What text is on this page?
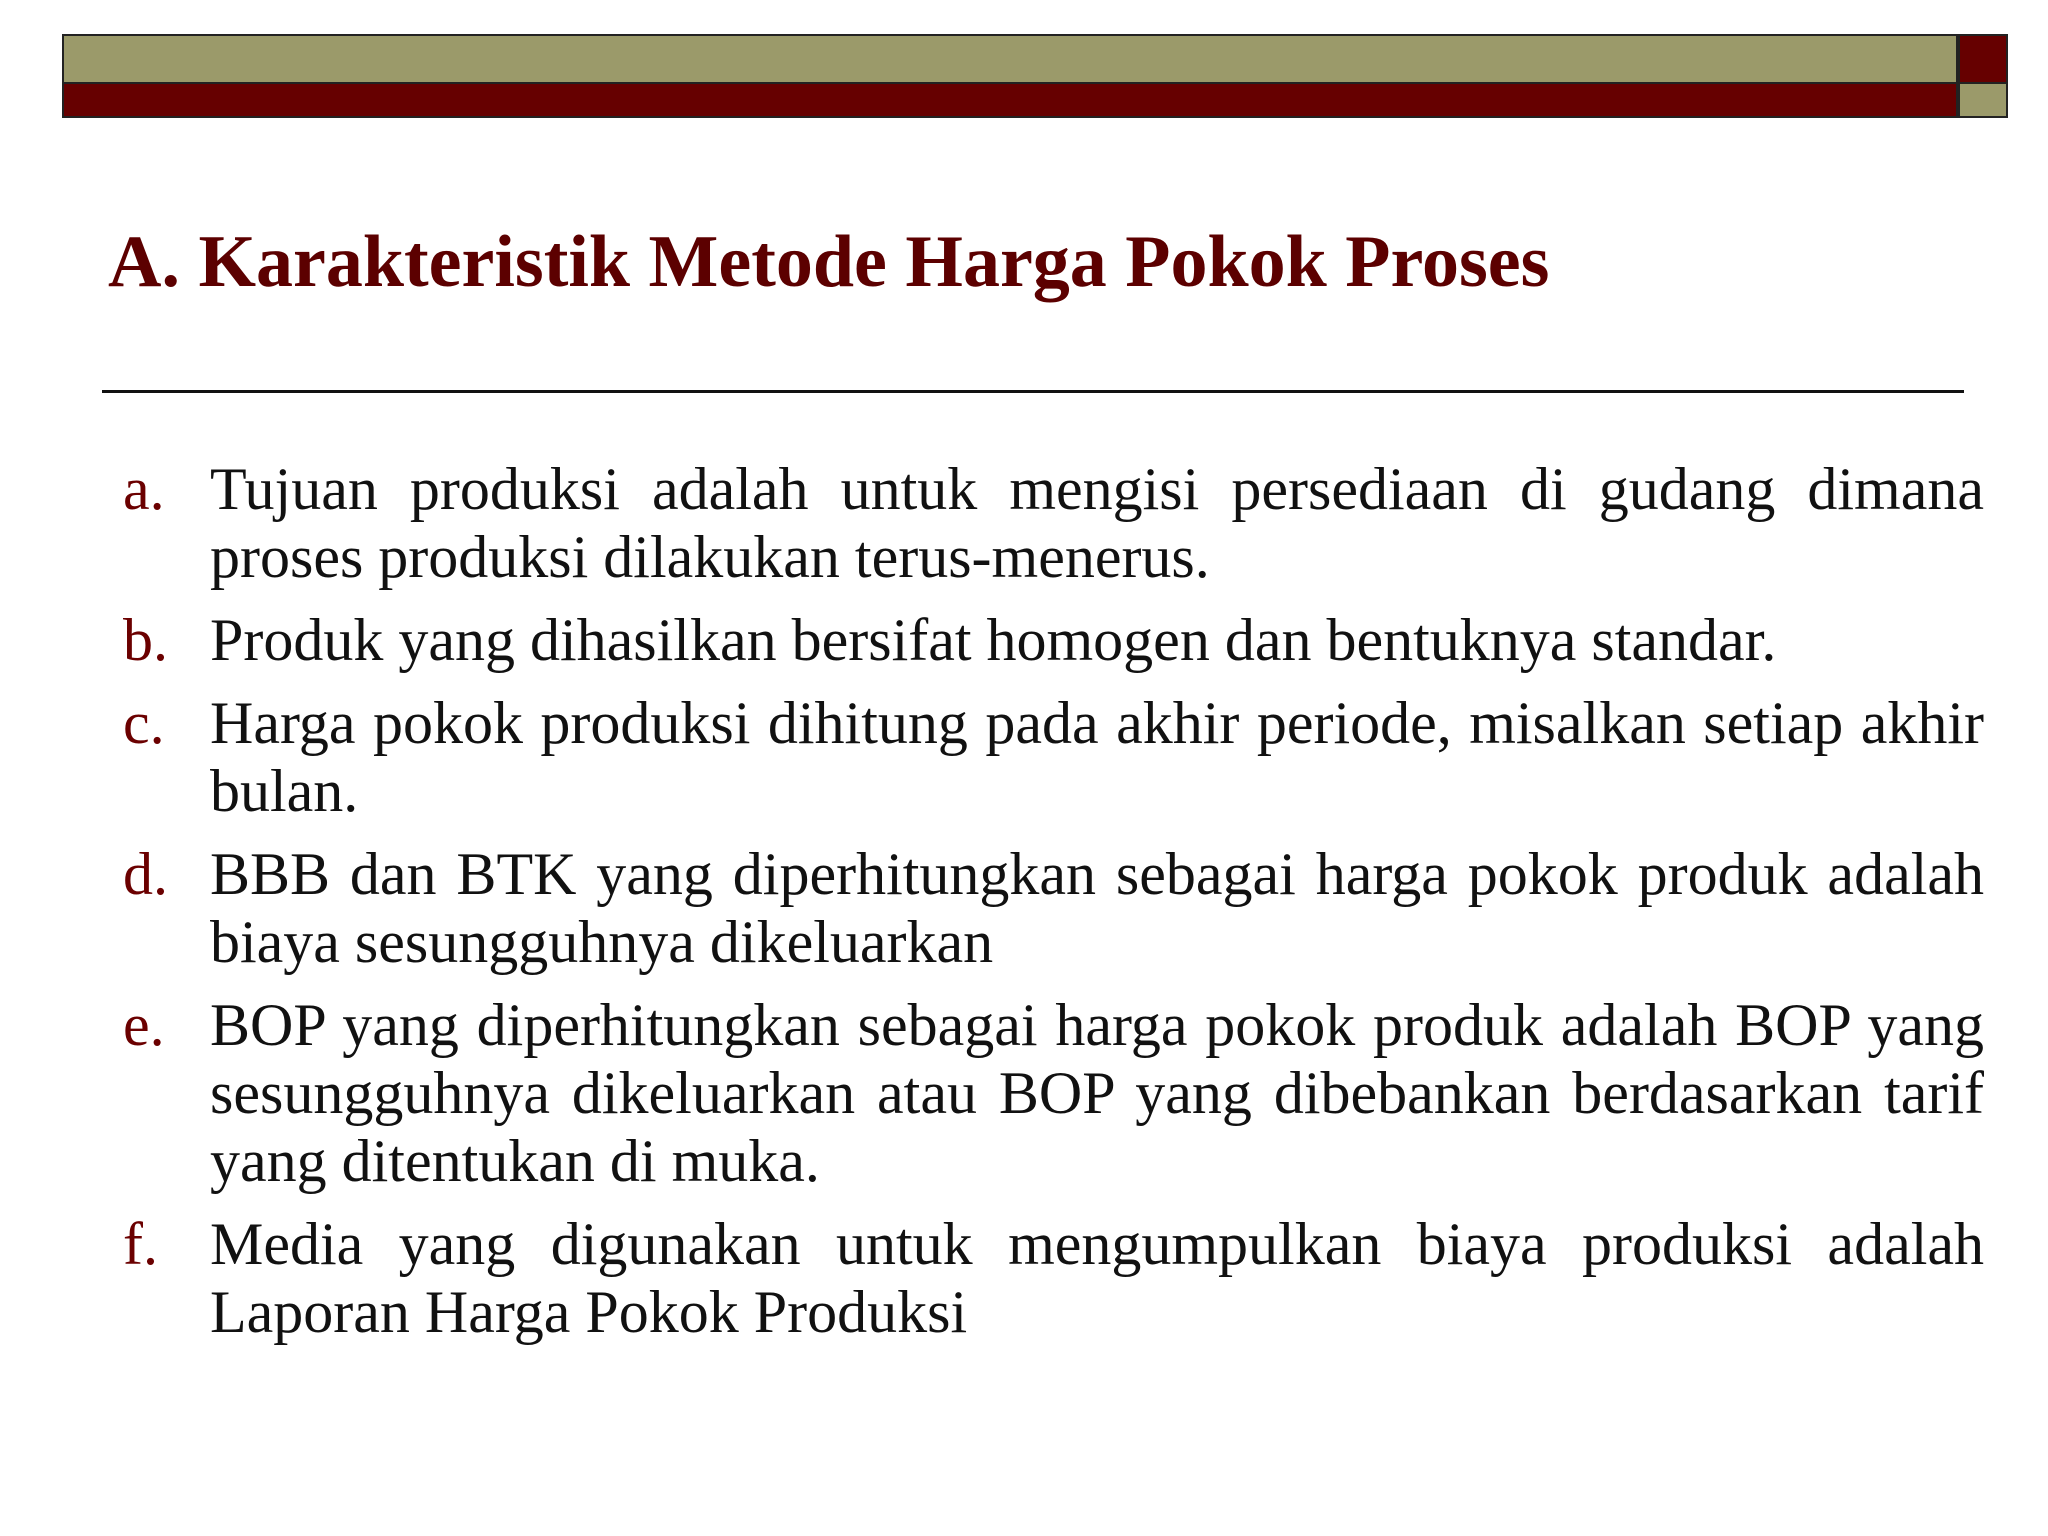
A. Karakteristik Metode Harga Pokok Proses
a. Tujuan produksi adalah untuk mengisi persediaan di gudang dimana proses produksi dilakukan terus-menerus.
b. Produk yang dihasilkan bersifat homogen dan bentuknya standar.
c. Harga pokok produksi dihitung pada akhir periode, misalkan setiap akhir bulan.
d. BBB dan BTK yang diperhitungkan sebagai harga pokok produk adalah biaya sesungguhnya dikeluarkan
e. BOP yang diperhitungkan sebagai harga pokok produk adalah BOP yang sesungguhnya dikeluarkan atau BOP yang dibebankan berdasarkan tarif yang ditentukan di muka.
f. Media yang digunakan untuk mengumpulkan biaya produksi adalah Laporan Harga Pokok Produksi
